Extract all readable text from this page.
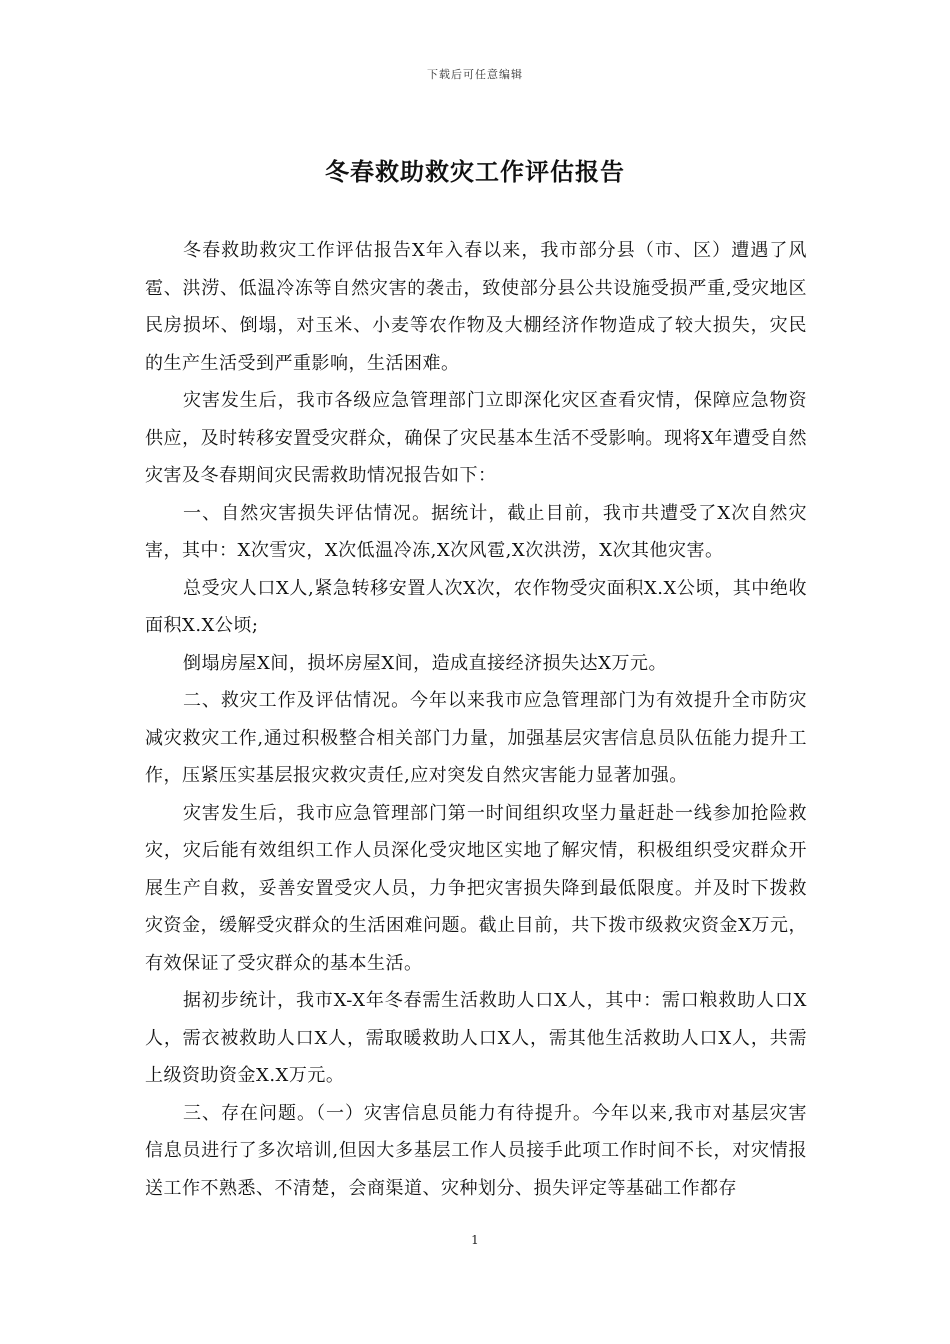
下载后可任意编辑
冬春救助救灾工作评估报告

冬春救助救灾工作评估报告X年入春以来，我市部分县（市、区）遭遇了风雹、洪涝、低温冷冻等自然灾害的袭击，致使部分县公共设施受损严重,受灾地区民房损坏、倒塌，对玉米、小麦等农作物及大棚经济作物造成了较大损失，灾民的生产生活受到严重影响，生活困难。

灾害发生后，我市各级应急管理部门立即深化灾区查看灾情，保障应急物资供应，及时转移安置受灾群众，确保了灾民基本生活不受影响。现将X年遭受自然灾害及冬春期间灾民需救助情况报告如下：

一、自然灾害损失评估情况。据统计，截止目前，我市共遭受了X次自然灾害，其中：X次雪灾，X次低温冷冻,X次风雹,X次洪涝，X次其他灾害。

总受灾人口X人,紧急转移安置人次X次，农作物受灾面积X.X公顷，其中绝收面积X.X公顷;

倒塌房屋X间，损坏房屋X间，造成直接经济损失达X万元。

二、救灾工作及评估情况。今年以来我市应急管理部门为有效提升全市防灾减灾救灾工作,通过积极整合相关部门力量，加强基层灾害信息员队伍能力提升工作，压紧压实基层报灾救灾责任,应对突发自然灾害能力显著加强。

灾害发生后，我市应急管理部门第一时间组织攻坚力量赶赴一线参加抢险救灾，灾后能有效组织工作人员深化受灾地区实地了解灾情，积极组织受灾群众开展生产自救，妥善安置受灾人员，力争把灾害损失降到最低限度。并及时下拨救灾资金，缓解受灾群众的生活困难问题。截止目前，共下拨市级救灾资金X万元，有效保证了受灾群众的基本生活。

据初步统计，我市X-X年冬春需生活救助人口X人，其中：需口粮救助人口X人，需衣被救助人口X人，需取暖救助人口X人，需其他生活救助人口X人，共需上级资助资金X.X万元。

三、存在问题。（一）灾害信息员能力有待提升。今年以来,我市对基层灾害信息员进行了多次培训,但因大多基层工作人员接手此项工作时间不长，对灾情报送工作不熟悉、不清楚，会商渠道、灾种划分、损失评定等基础工作都存

1
